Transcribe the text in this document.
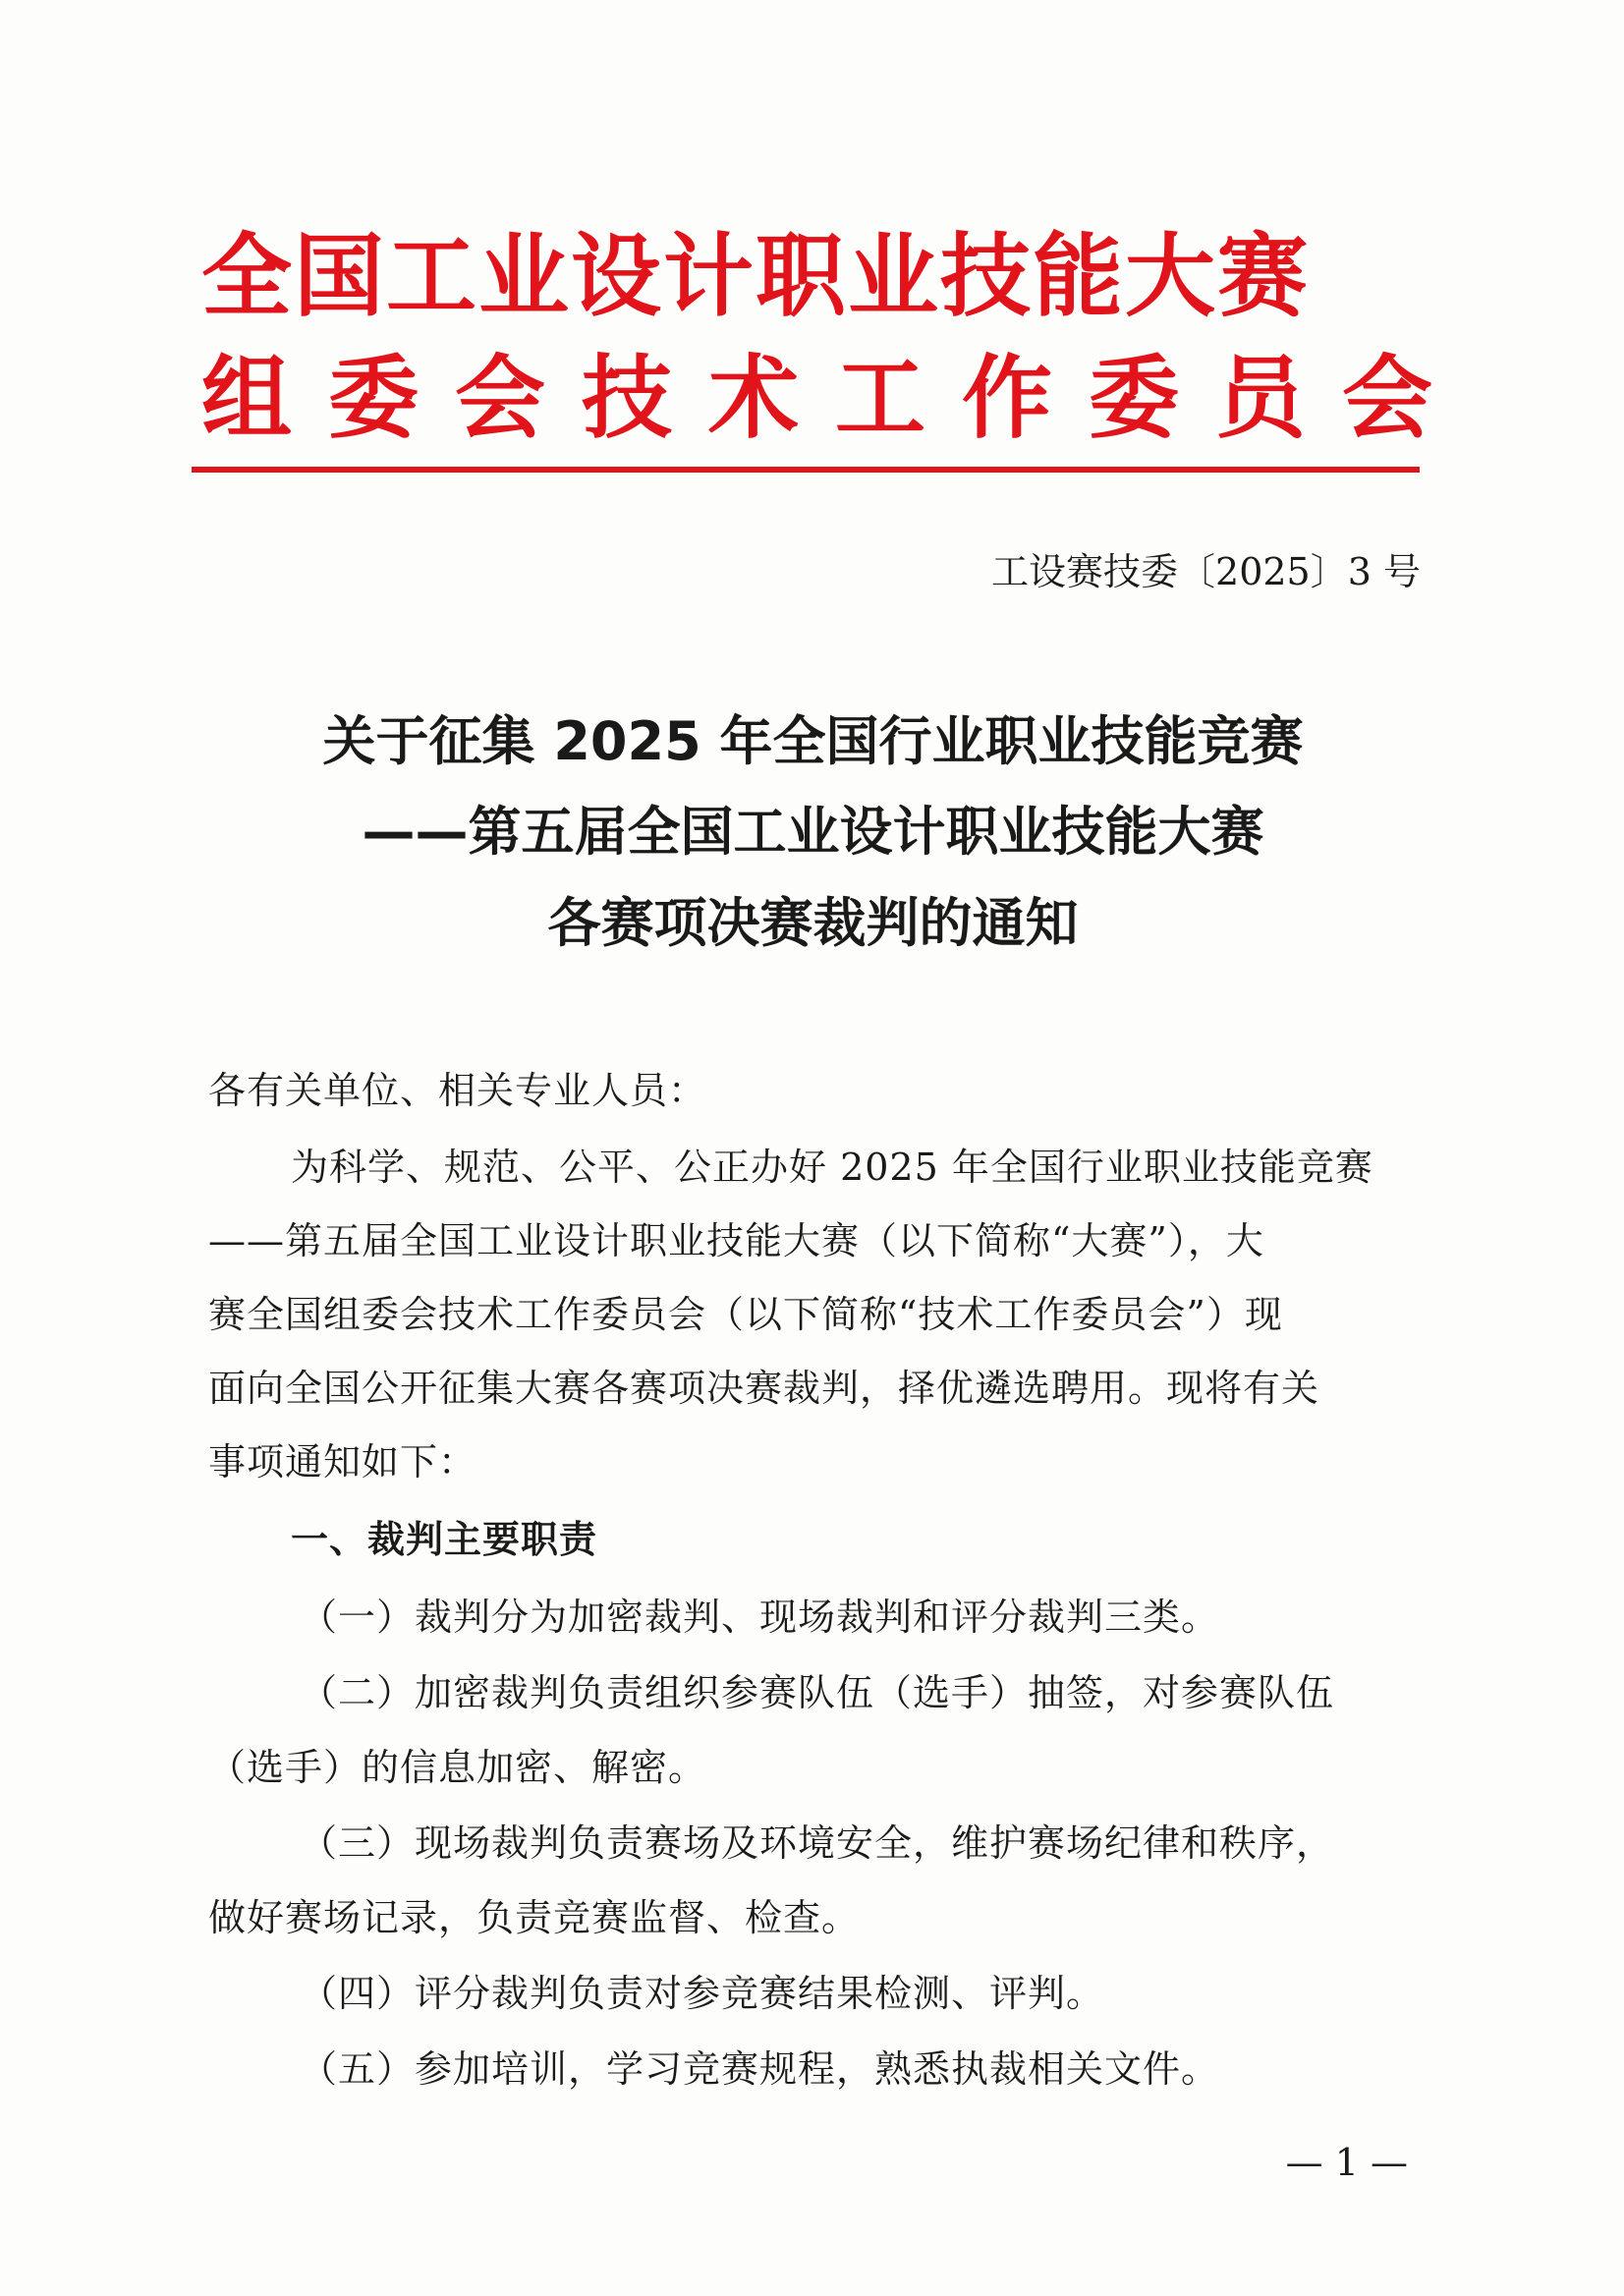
全国工业设计职业技能大赛
组委会技术工作委员会
工设赛技委〔2025〕3 号
关于征集 2025 年全国行业职业技能竞赛
——第五届全国工业设计职业技能大赛
各赛项决赛裁判的通知
各有关单位、相关专业人员：
为科学、规范、公平、公正办好 2025 年全国行业职业技能竞赛
——第五届全国工业设计职业技能大赛（以下简称“大赛”），大
赛全国组委会技术工作委员会（以下简称“技术工作委员会”）现
面向全国公开征集大赛各赛项决赛裁判，择优遴选聘用。现将有关
事项通知如下：
一、裁判主要职责
（一）裁判分为加密裁判、现场裁判和评分裁判三类。
（二）加密裁判负责组织参赛队伍（选手）抽签，对参赛队伍
（选手）的信息加密、解密。
（三）现场裁判负责赛场及环境安全，维护赛场纪律和秩序，
做好赛场记录，负责竞赛监督、检查。
（四）评分裁判负责对参竞赛结果检测、评判。
（五）参加培训，学习竞赛规程，熟悉执裁相关文件。
— 1 —
